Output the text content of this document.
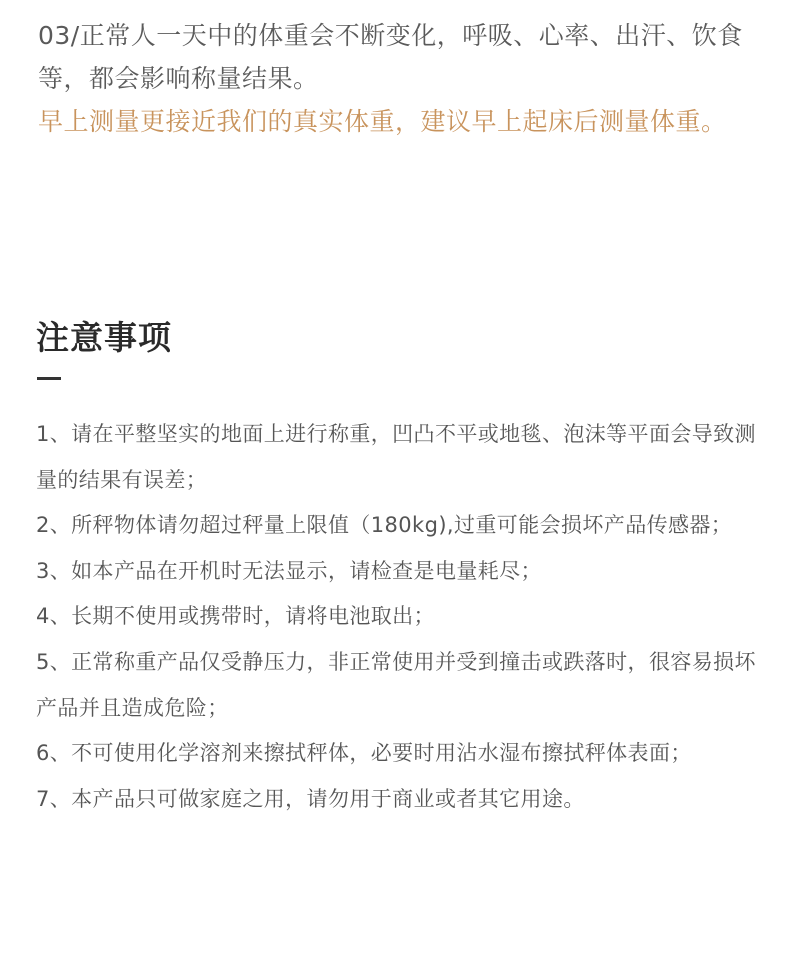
03/正常人一天中的体重会不断变化，呼吸、心率、出汗、饮食等，都会影响称量结果。

早上测量更接近我们的真实体重，建议早上起床后测量体重。

注意事项
1、请在平整坚实的地面上进行称重，凹凸不平或地毯、泡沫等平面会导致测量的结果有误差；
2、所秤物体请勿超过秤量上限值（180kg),过重可能会损坏产品传感器；
3、如本产品在开机时无法显示，请检查是电量耗尽；
4、长期不使用或携带时，请将电池取出；
5、正常称重产品仅受静压力，非正常使用并受到撞击或跌落时，很容易损坏产品并且造成危险；
6、不可使用化学溶剂来擦拭秤体，必要时用沾水湿布擦拭秤体表面；
7、本产品只可做家庭之用，请勿用于商业或者其它用途。
